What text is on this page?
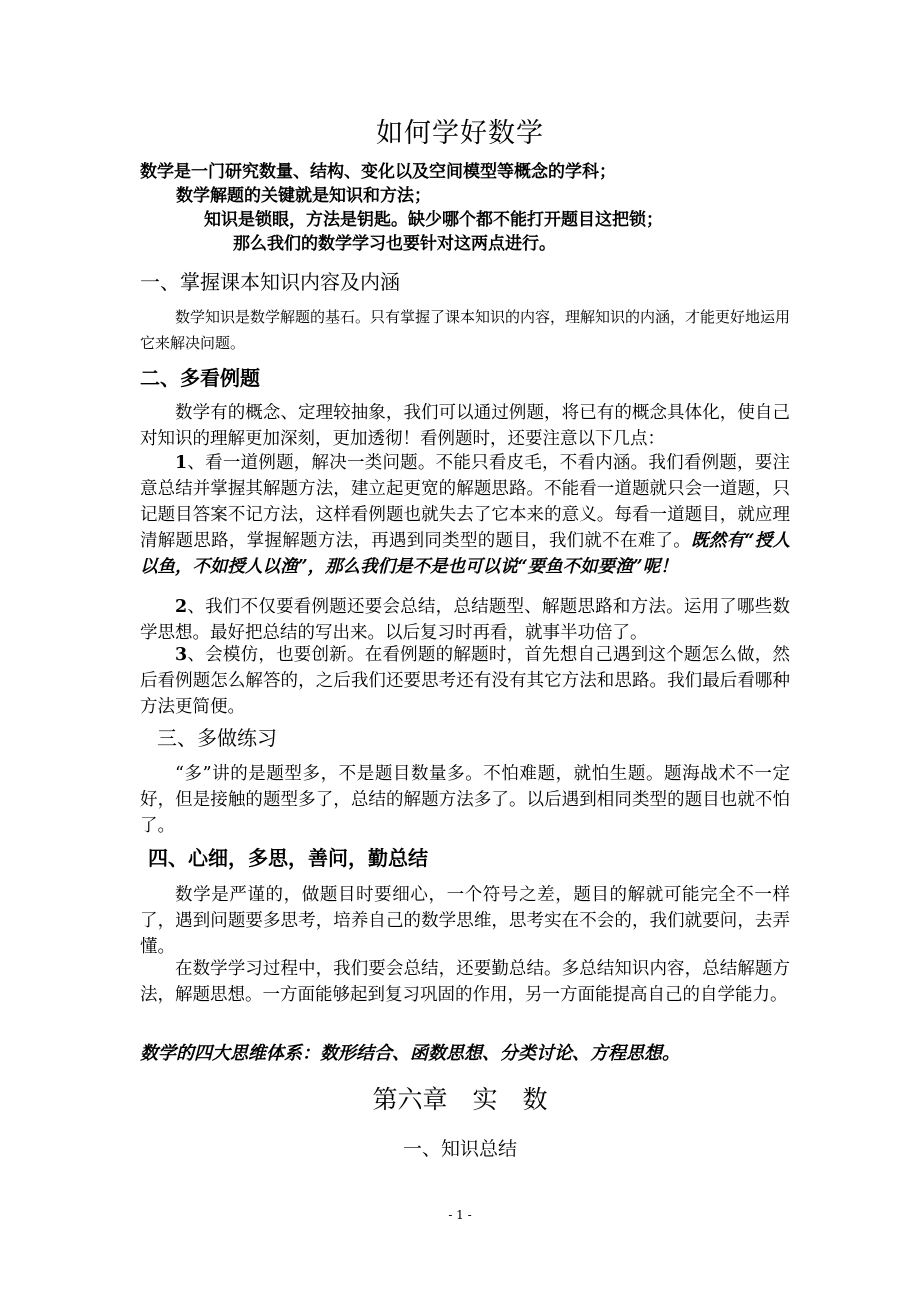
如何学好数学
数学是一门研究数量、结构、变化以及空间模型等概念的学科；
数学解题的关键就是知识和方法；
知识是锁眼，方法是钥匙。缺少哪个都不能打开题目这把锁；
那么我们的数学学习也要针对这两点进行。
一、掌握课本知识内容及内涵
数学知识是数学解题的基石。只有掌握了课本知识的内容，理解知识的内涵，才能更好地运用它来解决问题。
二、多看例题
数学有的概念、定理较抽象，我们可以通过例题，将已有的概念具体化，使自己对知识的理解更加深刻，更加透彻！看例题时，还要注意以下几点：
1、看一道例题，解决一类问题。不能只看皮毛，不看内涵。我们看例题，要注意总结并掌握其解题方法，建立起更宽的解题思路。不能看一道题就只会一道题，只记题目答案不记方法，这样看例题也就失去了它本来的意义。每看一道题目，就应理清解题思路，掌握解题方法，再遇到同类型的题目，我们就不在难了。既然有“授人以鱼，不如授人以渔”，那么我们是不是也可以说“要鱼不如要渔”呢！
2、我们不仅要看例题还要会总结，总结题型、解题思路和方法。运用了哪些数学思想。最好把总结的写出来。以后复习时再看，就事半功倍了。
3、会模仿，也要创新。在看例题的解题时，首先想自己遇到这个题怎么做，然后看例题怎么解答的，之后我们还要思考还有没有其它方法和思路。我们最后看哪种方法更简便。
三、多做练习
“多”讲的是题型多，不是题目数量多。不怕难题，就怕生题。题海战术不一定好，但是接触的题型多了，总结的解题方法多了。以后遇到相同类型的题目也就不怕了。
四、心细，多思，善问，勤总结
数学是严谨的，做题目时要细心，一个符号之差，题目的解就可能完全不一样了，遇到问题要多思考，培养自己的数学思维，思考实在不会的，我们就要问，去弄懂。
在数学学习过程中，我们要会总结，还要勤总结。多总结知识内容，总结解题方法，解题思想。一方面能够起到复习巩固的作用，另一方面能提高自己的自学能力。
数学的四大思维体系：数形结合、函数思想、分类讨论、方程思想。
第六章　实　数
一、知识总结
- 1 -
